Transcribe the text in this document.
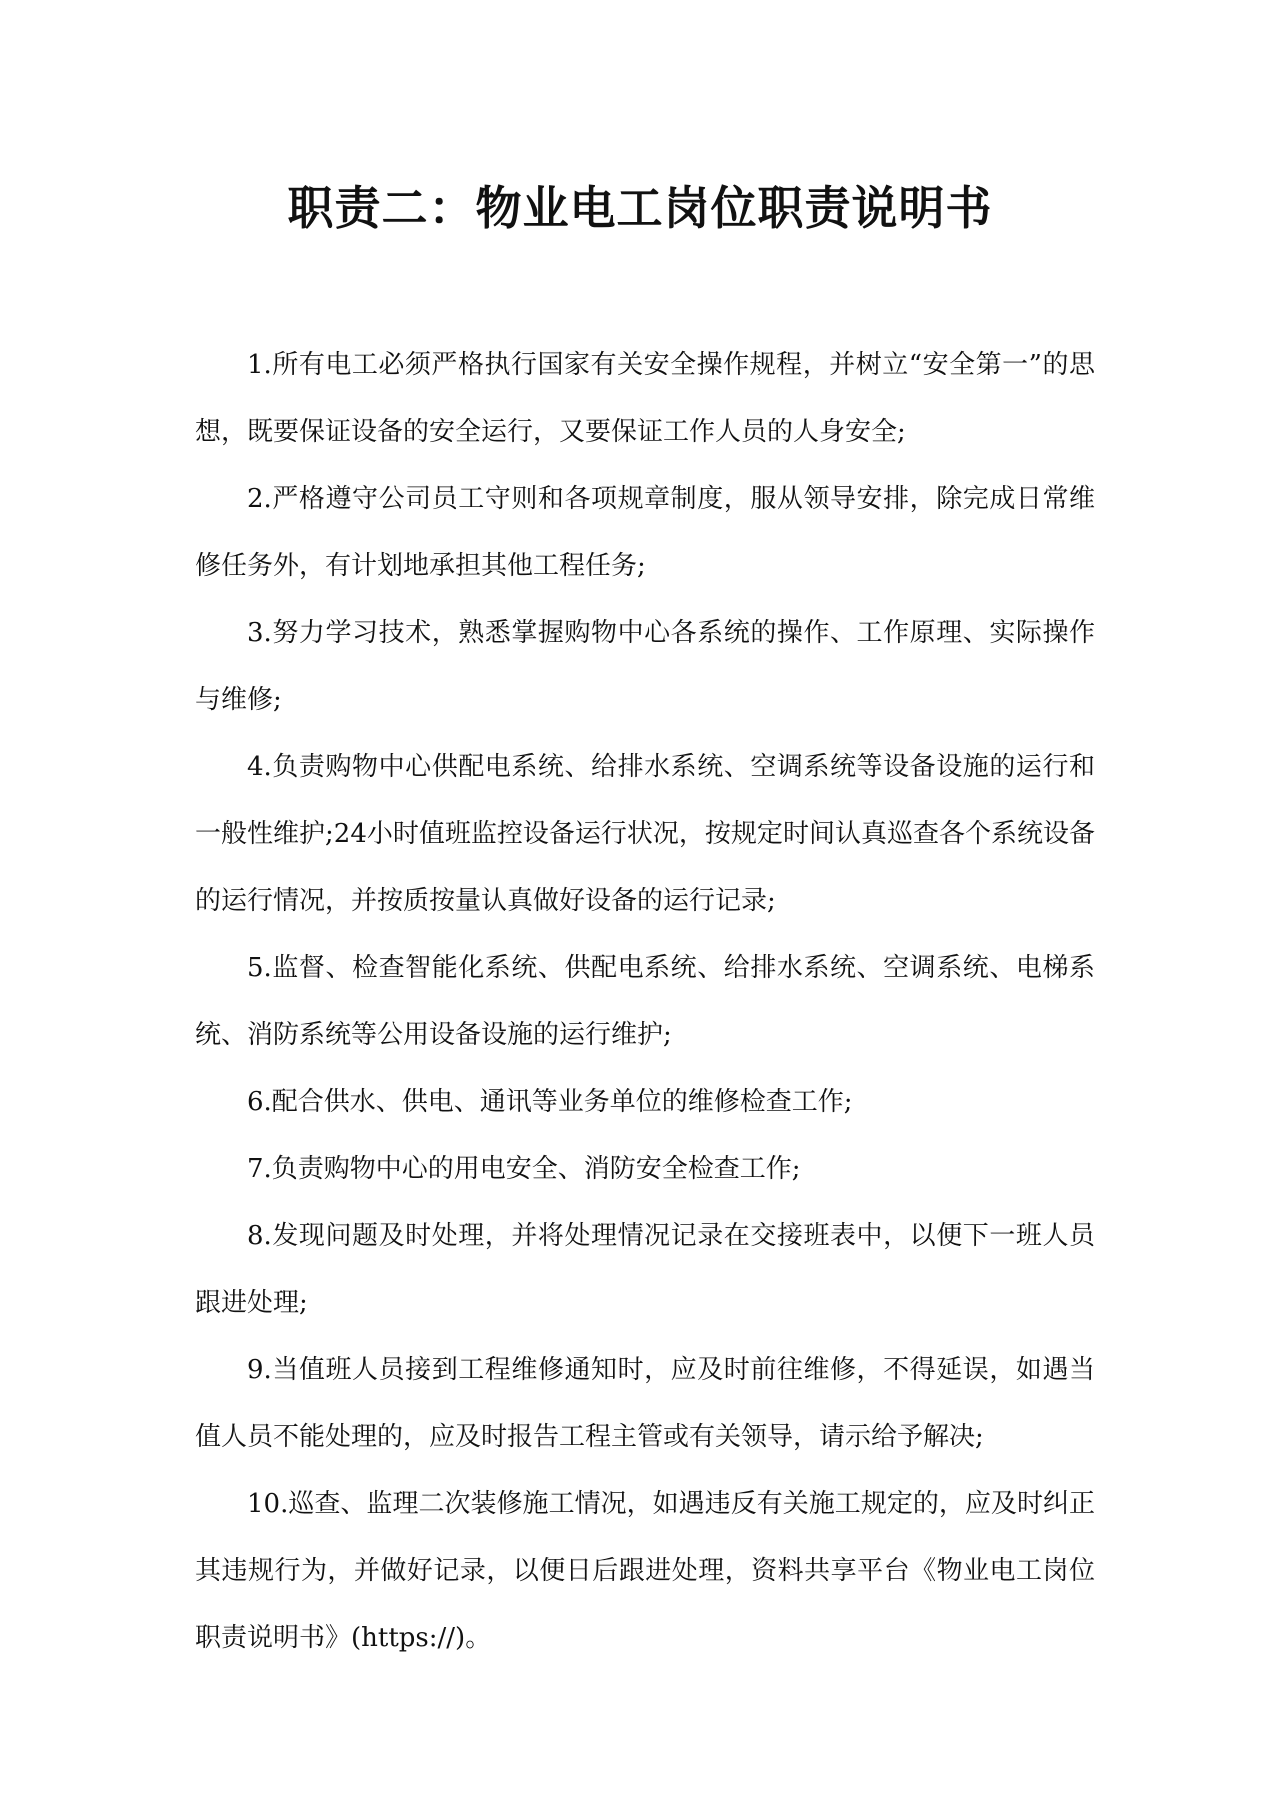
职责二：物业电工岗位职责说明书

1.所有电工必须严格执行国家有关安全操作规程，并树立“安全第一”的思想，既要保证设备的安全运行，又要保证工作人员的人身安全;

2.严格遵守公司员工守则和各项规章制度，服从领导安排，除完成日常维修任务外，有计划地承担其他工程任务;

3.努力学习技术，熟悉掌握购物中心各系统的操作、工作原理、实际操作与维修;

4.负责购物中心供配电系统、给排水系统、空调系统等设备设施的运行和一般性维护;24小时值班监控设备运行状况，按规定时间认真巡查各个系统设备的运行情况，并按质按量认真做好设备的运行记录;

5.监督、检查智能化系统、供配电系统、给排水系统、空调系统、电梯系统、消防系统等公用设备设施的运行维护;

6.配合供水、供电、通讯等业务单位的维修检查工作;

7.负责购物中心的用电安全、消防安全检查工作;

8.发现问题及时处理，并将处理情况记录在交接班表中，以便下一班人员跟进处理;

9.当值班人员接到工程维修通知时，应及时前往维修，不得延误，如遇当值人员不能处理的，应及时报告工程主管或有关领导，请示给予解决;

10.巡查、监理二次装修施工情况，如遇违反有关施工规定的，应及时纠正其违规行为，并做好记录，以便日后跟进处理，资料共享平台《物业电工岗位职责说明书》(https://)。
